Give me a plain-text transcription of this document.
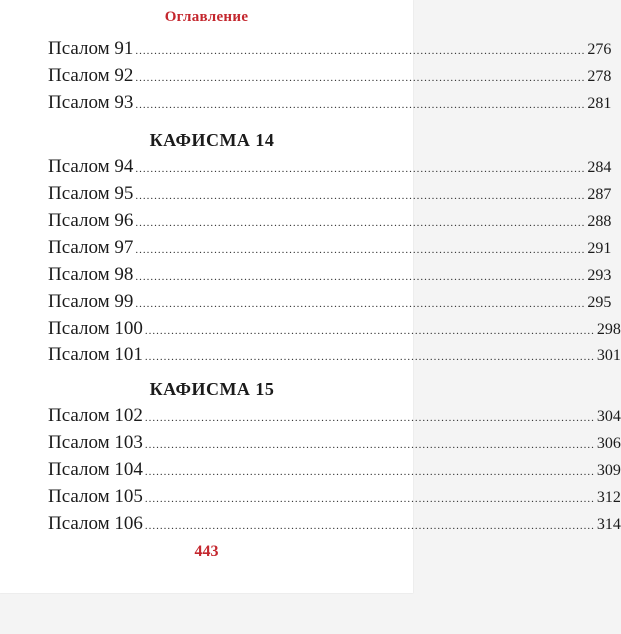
Оглавление
Псалом 91 ........................................................................................................................ 276
Псалом 92 ........................................................................................................................ 278
Псалом 93 ........................................................................................................................ 281
КАФИСМА 14
Псалом 94 ........................................................................................................................ 284
Псалом 95 ........................................................................................................................ 287
Псалом 96 ........................................................................................................................ 288
Псалом 97 ........................................................................................................................ 291
Псалом 98 ........................................................................................................................ 293
Псалом 99 ........................................................................................................................ 295
Псалом 100 ........................................................................................................................ 298
Псалом 101 ........................................................................................................................ 301
КАФИСМА 15
Псалом 102 ........................................................................................................................ 304
Псалом 103 ........................................................................................................................ 306
Псалом 104 ........................................................................................................................ 309
Псалом 105 ........................................................................................................................ 312
Псалом 106 ........................................................................................................................ 314
443
